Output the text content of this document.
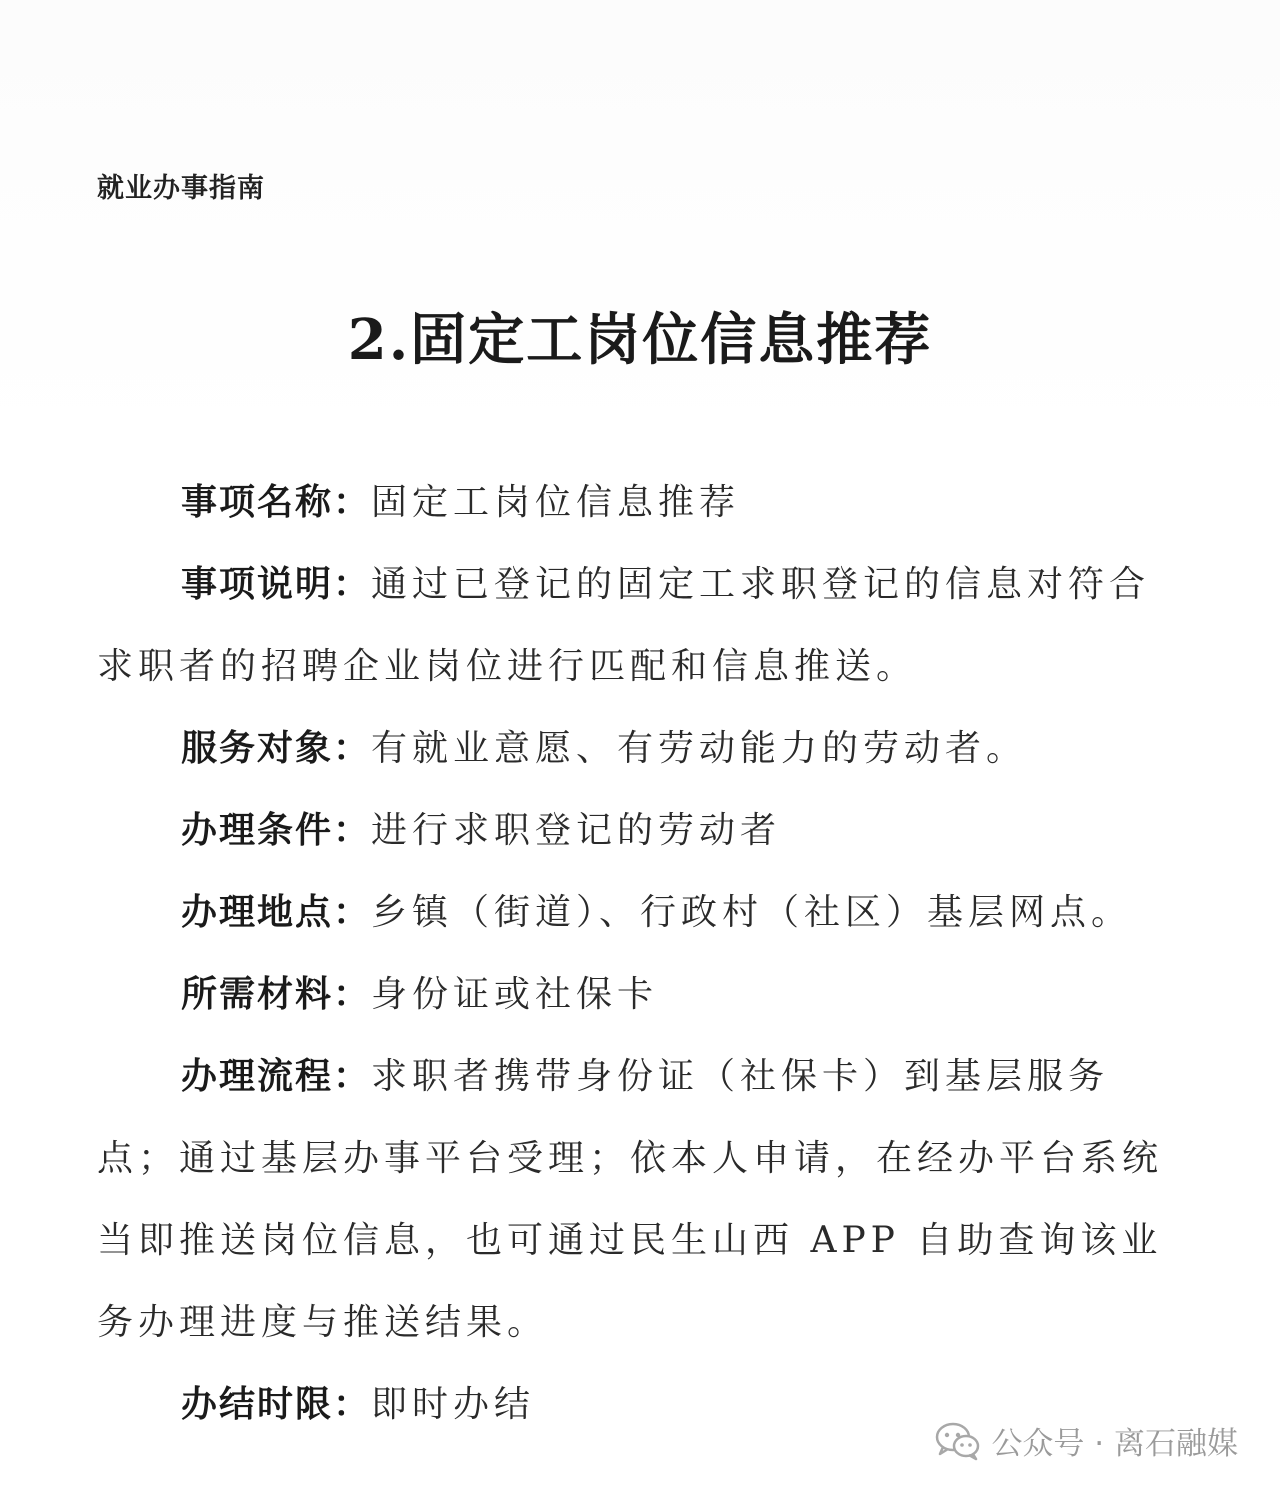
就业办事指南
2.固定工岗位信息推荐

事项名称：固定工岗位信息推荐

事项说明：通过已登记的固定工求职登记的信息对符合求职者的招聘企业岗位进行匹配和信息推送。

服务对象：有就业意愿、有劳动能力的劳动者。

办理条件：进行求职登记的劳动者

办理地点：乡镇（街道）、行政村（社区）基层网点。

所需材料：身份证或社保卡

办理流程：求职者携带身份证（社保卡）到基层服务点；通过基层办事平台受理；依本人申请，在经办平台系统当即推送岗位信息，也可通过民生山西 APP 自助查询该业务办理进度与推送结果。

办结时限：即时办结

公众号 · 离石融媒
